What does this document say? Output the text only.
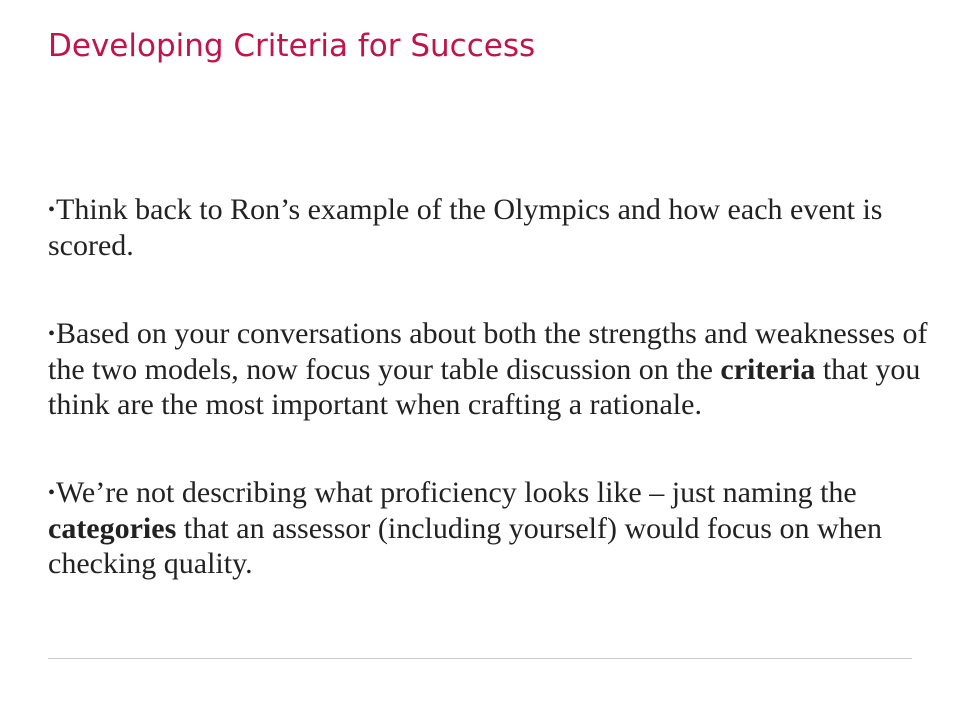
Developing Criteria for Success
•Think back to Ron’s example of the Olympics and how each event is scored.
•Based on your conversations about both the strengths and weaknesses of the two models, now focus your table discussion on the criteria that you think are the most important when crafting a rationale.
•We’re not describing what proficiency looks like – just naming the categories that an assessor (including yourself) would focus on when checking quality.
